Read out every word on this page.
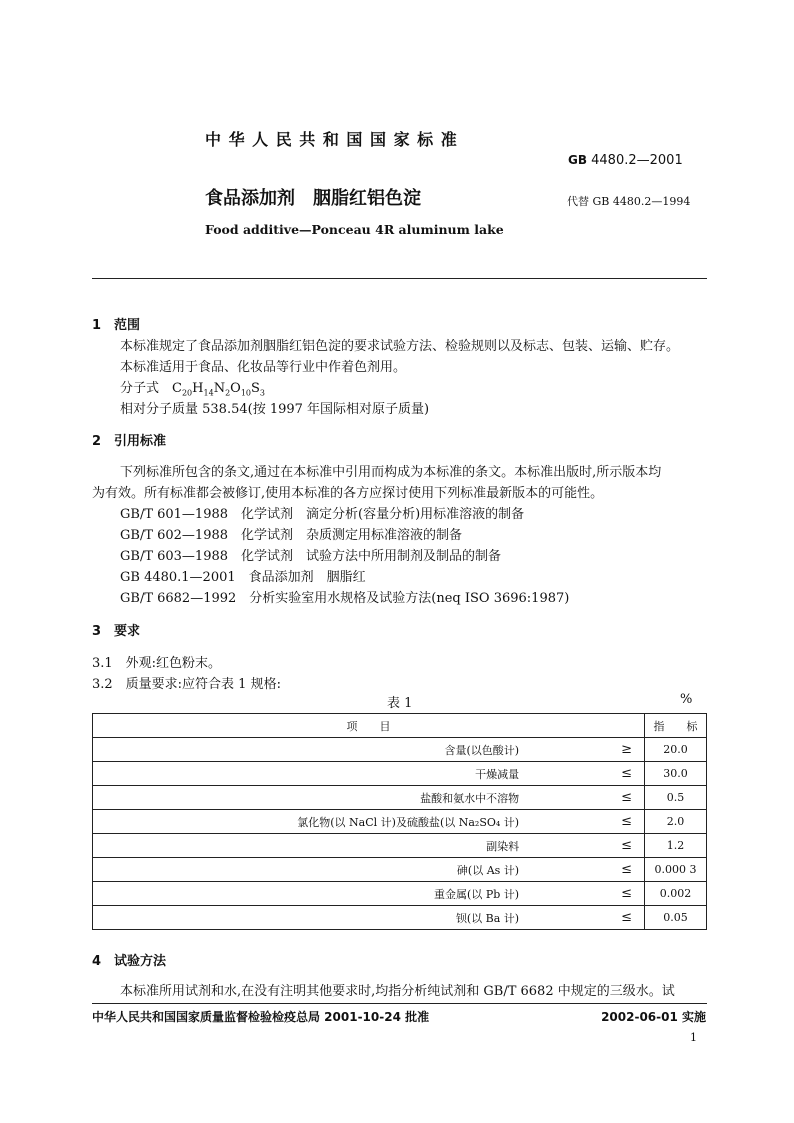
中 华 人 民 共 和 国 国 家 标 准
GB 4480.2—2001
食品添加剂　胭脂红铝色淀	代替 GB 4480.2—1994
Food additive—Ponceau 4R aluminum lake
1　范围
本标准规定了食品添加剂胭脂红铝色淀的要求试验方法、检验规则以及标志、包装、运输、贮存。
本标准适用于食品、化妆品等行业中作着色剂用。
分子式　$C_{20}H_{14}N_2O_{10}S_3$
相对分子质量 538.54(按 1997 年国际相对原子质量)
2　引用标准
下列标准所包含的条文,通过在本标准中引用而构成为本标准的条文。本标准出版时,所示版本均
为有效。所有标准都会被修订,使用本标准的各方应探讨使用下列标准最新版本的可能性。
GB/T 601—1988　化学试剂　滴定分析(容量分析)用标准溶液的制备
GB/T 602—1988　化学试剂　杂质测定用标准溶液的制备
GB/T 603—1988　化学试剂　试验方法中所用制剂及制品的制备
GB 4480.1—2001　食品添加剂　胭脂红
GB/T 6682—1992　分析实验室用水规格及试验方法(neq ISO 3696:1987)
3　要求
3.1　外观:红色粉末。
3.2　质量要求:应符合表 1 规格:
表 1	%
项　　目		指　　标
含量(以色酸计)	≥	20.0
干燥减量	≤	30.0
盐酸和氨水中不溶物	≤	0.5
氯化物(以 NaCl 计)及硫酸盐(以 Na₂SO₄ 计)	≤	2.0
副染料	≤	1.2
砷(以 As 计)	≤	0.000 3
重金属(以 Pb 计)	≤	0.002
钡(以 Ba 计)	≤	0.05
4　试验方法
本标准所用试剂和水,在没有注明其他要求时,均指分析纯试剂和 GB/T 6682 中规定的三级水。试
中华人民共和国国家质量监督检验检疫总局 2001-10-24 批准	2002-06-01 实施
1
